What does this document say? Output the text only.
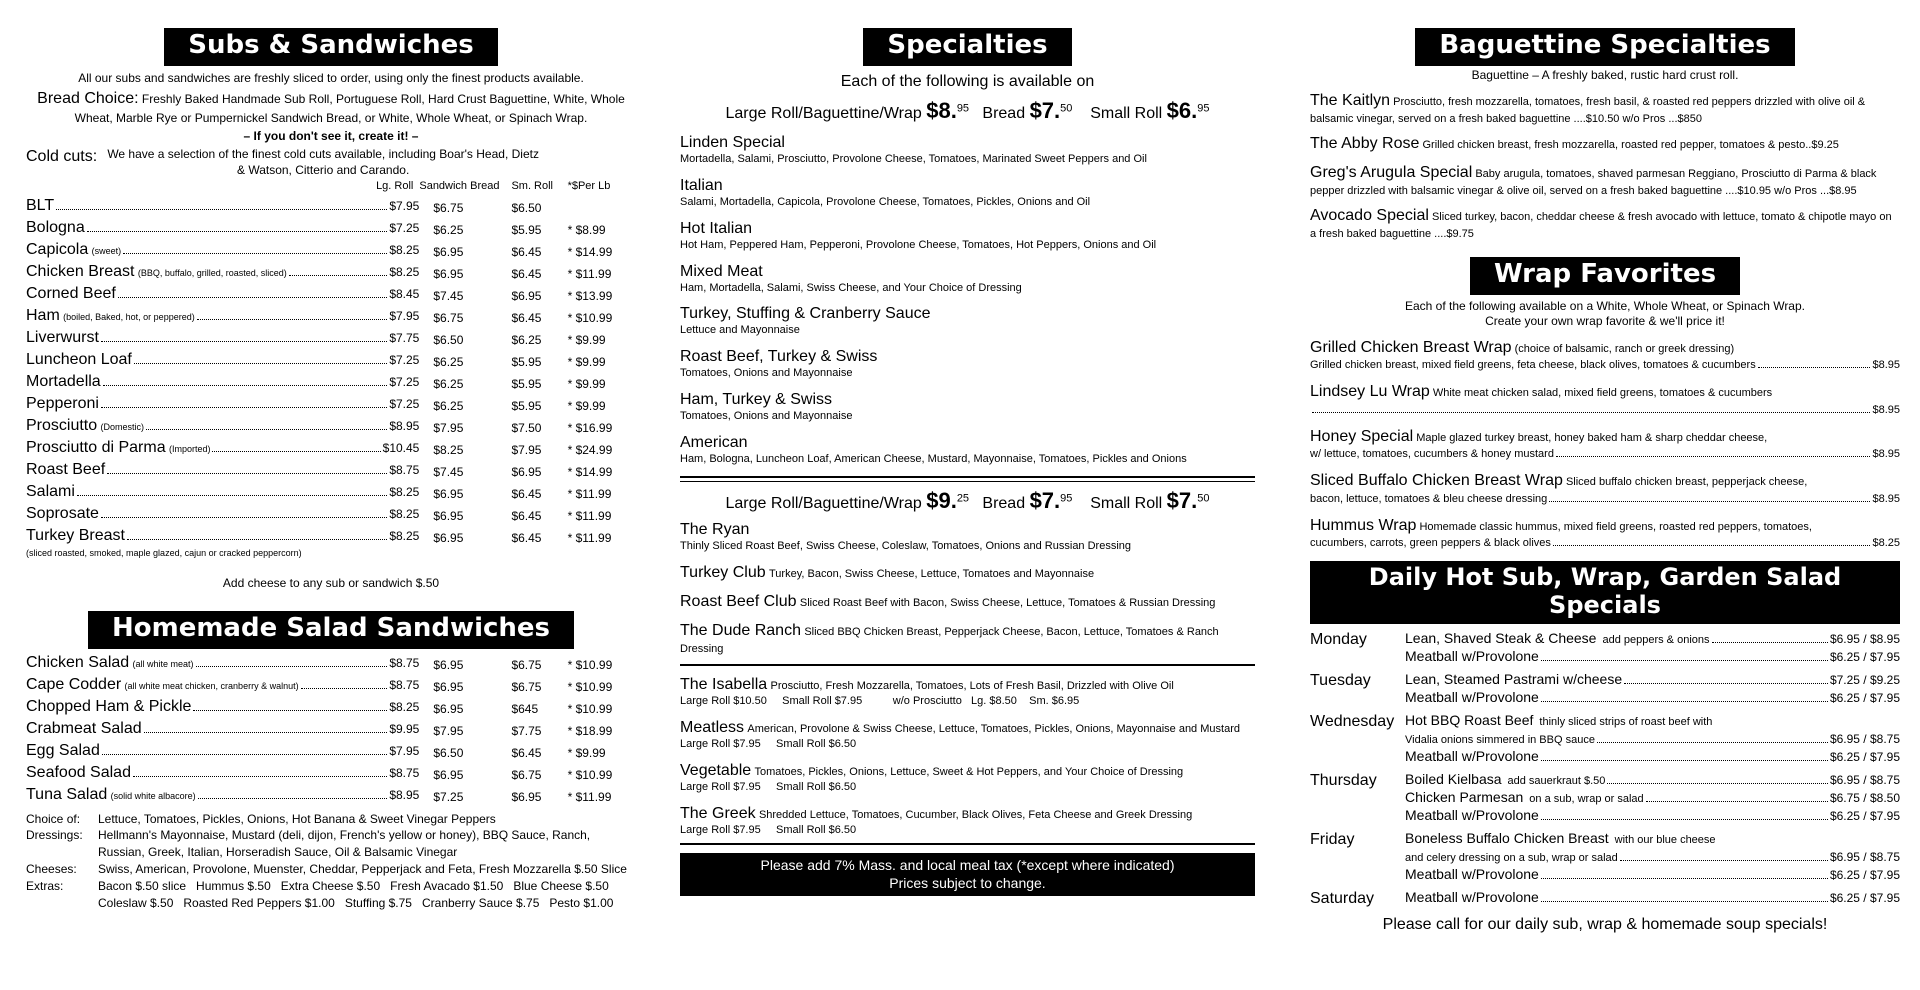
Subs & Sandwiches
All our subs and sandwiches are freshly sliced to order, using only the finest products available.
Bread Choice: Freshly Baked Handmade Sub Roll, Portuguese Roll, Hard Crust Baguettine, White, Whole Wheat, Marble Rye or Pumpernickel Sandwich Bread, or White, Whole Wheat, or Spinach Wrap.
– If you don't see it, create it! –
Cold cuts: We have a selection of the finest cold cuts available, including Boar's Head, Dietz & Watson, Citterio and Carando.
Lg. Roll	Sandwich Bread	Sm. Roll	*$Per Lb

BLT $7.95	$6.75	$6.50	

Bologna $7.25	$6.25	$5.95	* $8.99

Capicola (sweet) $8.25	$6.95	$6.45	* $14.99

Chicken Breast (BBQ, buffalo, grilled, roasted, sliced) $8.25	$6.95	$6.45	* $11.99

Corned Beef $8.45	$7.45	$6.95	* $13.99

Ham (boiled, Baked, hot, or peppered) $7.95	$6.75	$6.45	* $10.99

Liverwurst $7.75	$6.50	$6.25	* $9.99

Luncheon Loaf $7.25	$6.25	$5.95	* $9.99

Mortadella $7.25	$6.25	$5.95	* $9.99

Pepperoni $7.25	$6.25	$5.95	* $9.99

Prosciutto (Domestic) $8.95	$7.95	$7.50	* $16.99

Prosciutto di Parma (Imported) $10.45	$8.25	$7.95	* $24.99

Roast Beef $8.75	$7.45	$6.95	* $14.99

Salami $8.25	$6.95	$6.45	* $11.99

Soprosate $8.25	$6.95	$6.45	* $11.99

Turkey Breast $8.25	$6.95	$6.45	* $11.99
(sliced roasted, smoked, maple glazed, cajun or cracked peppercorn)
Add cheese to any sub or sandwich $.50
Homemade Salad Sandwiches
Chicken Salad (all white meat) $8.75	$6.95	$6.75	* $10.99

Cape Codder (all white meat chicken, cranberry & walnut) $8.75	$6.95	$6.75	* $10.99

Chopped Ham & Pickle $8.25	$6.95	$645	* $10.99

Crabmeat Salad $9.95	$7.95	$7.75	* $18.99

Egg Salad $7.95	$6.50	$6.45	* $9.99

Seafood Salad $8.75	$6.95	$6.75	* $10.99

Tuna Salad (solid white albacore) $8.95	$7.25	$6.95	* $11.99
Choice of:	Lettuce, Tomatoes, Pickles, Onions, Hot Banana & Sweet Vinegar Peppers
Dressings:	Hellmann's Mayonnaise, Mustard (deli, dijon, French's yellow or honey), BBQ Sauce, Ranch, Russian, Greek, Italian, Horseradish Sauce, Oil & Balsamic Vinegar
Cheeses:	Swiss, American, Provolone, Muenster, Cheddar, Pepperjack and Feta, Fresh Mozzarella $.50 Slice
Extras:	Bacon $.50 slice   Hummus $.50   Extra Cheese $.50   Fresh Avacado $1.50   Blue Cheese $.50
Coleslaw $.50   Roasted Red Peppers $1.00   Stuffing $.75   Cranberry Sauce $.75   Pesto $1.00
Specialties
Each of the following is available on
Large Roll/Baguettine/Wrap $8.95 Bread $7.50 Small Roll $6.95
Linden Special
Mortadella, Salami, Prosciutto, Provolone Cheese, Tomatoes, Marinated Sweet Peppers and Oil
Italian
Salami, Mortadella, Capicola, Provolone Cheese, Tomatoes, Pickles, Onions and Oil
Hot Italian
Hot Ham, Peppered Ham, Pepperoni, Provolone Cheese, Tomatoes, Hot Peppers, Onions and Oil
Mixed Meat
Ham, Mortadella, Salami, Swiss Cheese, and Your Choice of Dressing
Turkey, Stuffing & Cranberry Sauce
Lettuce and Mayonnaise
Roast Beef, Turkey & Swiss
Tomatoes, Onions and Mayonnaise
Ham, Turkey & Swiss
Tomatoes, Onions and Mayonnaise
American
Ham, Bologna, Luncheon Loaf, American Cheese, Mustard, Mayonnaise, Tomatoes, Pickles and Onions
Large Roll/Baguettine/Wrap $9.25 Bread $7.95 Small Roll $7.50
The Ryan
Thinly Sliced Roast Beef, Swiss Cheese, Coleslaw, Tomatoes, Onions and Russian Dressing
Turkey Club Turkey, Bacon, Swiss Cheese, Lettuce, Tomatoes and Mayonnaise
Roast Beef Club Sliced Roast Beef with Bacon, Swiss Cheese, Lettuce, Tomatoes & Russian Dressing
The Dude Ranch Sliced BBQ Chicken Breast, Pepperjack Cheese, Bacon, Lettuce, Tomatoes & Ranch Dressing
The Isabella Prosciutto, Fresh Mozzarella, Tomatoes, Lots of Fresh Basil, Drizzled with Olive Oil
Large Roll $10.50     Small Roll $7.95          w/o Prosciutto   Lg. $8.50    Sm. $6.95
Meatless American, Provolone & Swiss Cheese, Lettuce, Tomatoes, Pickles, Onions, Mayonnaise and Mustard
Large Roll $7.95     Small Roll $6.50
Vegetable Tomatoes, Pickles, Onions, Lettuce, Sweet & Hot Peppers, and Your Choice of Dressing
Large Roll $7.95     Small Roll $6.50
The Greek Shredded Lettuce, Tomatoes, Cucumber, Black Olives, Feta Cheese and Greek Dressing
Large Roll $7.95     Small Roll $6.50
Please add 7% Mass. and local meal tax (*except where indicated)
Prices subject to change.
Baguettine Specialties
Baguettine – A freshly baked, rustic hard crust roll.
The Kaitlyn Prosciutto, fresh mozzarella, tomatoes, fresh basil, & roasted red peppers drizzled with olive oil & balsamic vinegar, served on a fresh baked baguettine ....$10.50 w/o Pros ...$850
The Abby Rose Grilled chicken breast, fresh mozzarella, roasted red pepper, tomatoes & pesto..$9.25
Greg's Arugula Special Baby arugula, tomatoes, shaved parmesan Reggiano, Prosciutto di Parma & black pepper drizzled with balsamic vinegar & olive oil, served on a fresh baked baguettine ....$10.95 w/o Pros ...$8.95
Avocado Special Sliced turkey, bacon, cheddar cheese & fresh avocado with lettuce, tomato & chipotle mayo on a fresh baked baguettine ....$9.75
Wrap Favorites
Each of the following available on a White, Whole Wheat, or Spinach Wrap.
Create your own wrap favorite & we'll price it!
Grilled Chicken Breast Wrap (choice of balsamic, ranch or greek dressing)
Grilled chicken breast, mixed field greens, feta cheese, black olives, tomatoes & cucumbers	$8.95
Lindsey Lu Wrap White meat chicken salad, mixed field greens, tomatoes & cucumbers
$8.95
Honey Special Maple glazed turkey breast, honey baked ham & sharp cheddar cheese,
w/ lettuce, tomatoes, cucumbers & honey mustard	$8.95
Sliced Buffalo Chicken Breast Wrap Sliced buffalo chicken breast, pepperjack cheese,
bacon, lettuce, tomatoes & bleu cheese dressing	$8.95
Hummus Wrap Homemade classic hummus, mixed field greens, roasted red peppers, tomatoes,
cucumbers, carrots, green peppers & black olives	$8.25
Daily Hot Sub, Wrap, Garden Salad Specials
Monday	Lean, Shaved Steak & Cheese add peppers & onions	$6.95 / $8.95
Meatball w/Provolone	$6.25 / $7.95
Tuesday	Lean, Steamed Pastrami w/cheese	$7.25 / $9.25
Meatball w/Provolone	$6.25 / $7.95
Wednesday Hot BBQ Roast Beef thinly sliced strips of roast beef with
Vidalia onions simmered in BBQ sauce	$6.95 / $8.75
Meatball w/Provolone	$6.25 / $7.95
Thursday	Boiled Kielbasa add sauerkraut $.50	$6.95 / $8.75
Chicken Parmesan on a sub, wrap or salad	$6.75 / $8.50
Meatball w/Provolone	$6.25 / $7.95
Friday	Boneless Buffalo Chicken Breast with our blue cheese
and celery dressing on a sub, wrap or salad	$6.95 / $8.75
Meatball w/Provolone	$6.25 / $7.95
Saturday	Meatball w/Provolone	$6.25 / $7.95
Please call for our daily sub, wrap & homemade soup specials!
